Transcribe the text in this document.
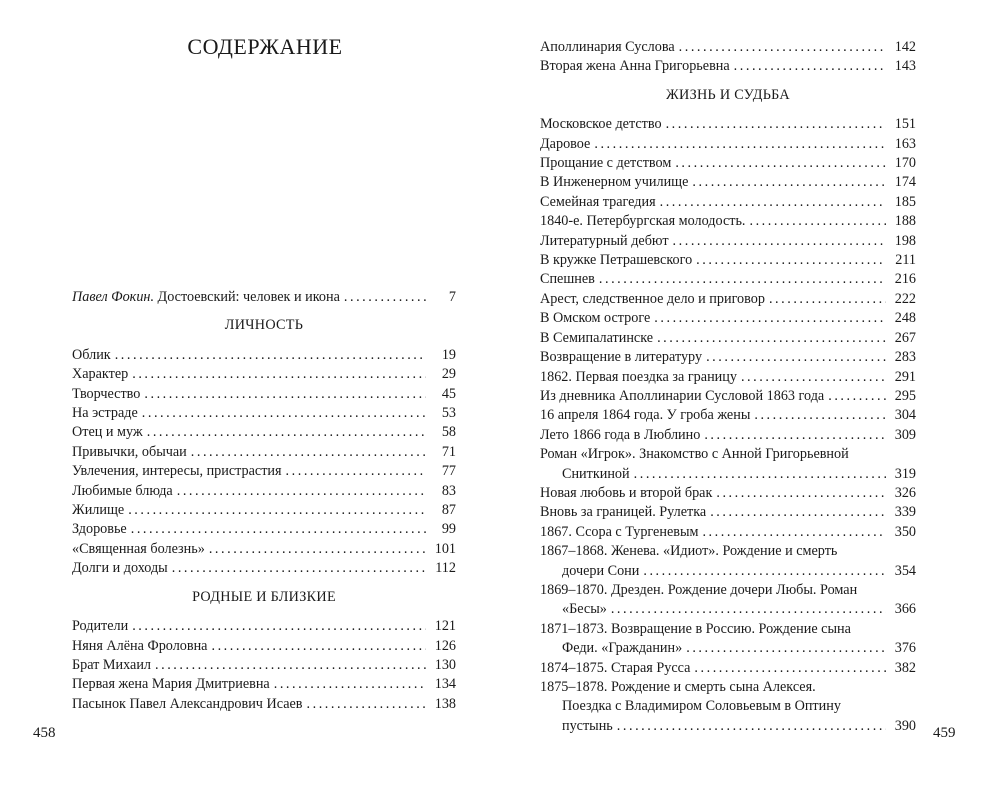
СОДЕРЖАНИЕ
Павел Фокин. Достоевский: человек и икона . . .	7
ЛИЧНОСТЬ
Облик . . .	19
Характер . . .	29
Творчество . . .	45
На эстраде . . .	53
Отец и муж . . .	58
Привычки, обычаи . . .	71
Увлечения, интересы, пристрастия . . .	77
Любимые блюда . . .	83
Жилище . . .	87
Здоровье . . .	99
«Священная болезнь» . . .	101
Долги и доходы . . .	112
РОДНЫЕ И БЛИЗКИЕ
Родители . . .	121
Няня Алёна Фроловна . . .	126
Брат Михаил . . .	130
Первая жена Мария Дмитриевна . . .	134
Пасынок Павел Александрович Исаев . . .	138
458
Аполлинария Суслова . . .	142
Вторая жена Анна Григорьевна . . .	143
ЖИЗНЬ И СУДЬБА
Московское детство . . .	151
Даровое . . .	163
Прощание с детством . . .	170
В Инженерном училище . . .	174
Семейная трагедия . . .	185
1840-е. Петербургская молодость. . . .	188
Литературный дебют . . .	198
В кружке Петрашевского . . .	211
Спешнев . . .	216
Арест, следственное дело и приговор . . .	222
В Омском остроге . . .	248
В Семипалатинске . . .	267
Возвращение в литературу . . .	283
1862. Первая поездка за границу . . .	291
Из дневника Аполлинарии Сусловой 1863 года . . .	295
16 апреля 1864 года. У гроба жены . . .	304
Лето 1866 года в Люблино . . .	309
Роман «Игрок». Знакомство с Анной Григорьевной
Сниткиной . . .	319
Новая любовь и второй брак . . .	326
Вновь за границей. Рулетка . . .	339
1867. Ссора с Тургеневым . . .	350
1867–1868. Женева. «Идиот». Рождение и смерть
дочери Сони . . .	354
1869–1870. Дрезден. Рождение дочери Любы. Роман
«Бесы» . . .	366
1871–1873. Возвращение в Россию. Рождение сына
Феди. «Гражданин» . . .	376
1874–1875. Старая Русса . . .	382
1875–1878. Рождение и смерть сына Алексея.
Поездка с Владимиром Соловьевым в Оптину
пустынь . . .	390 459
